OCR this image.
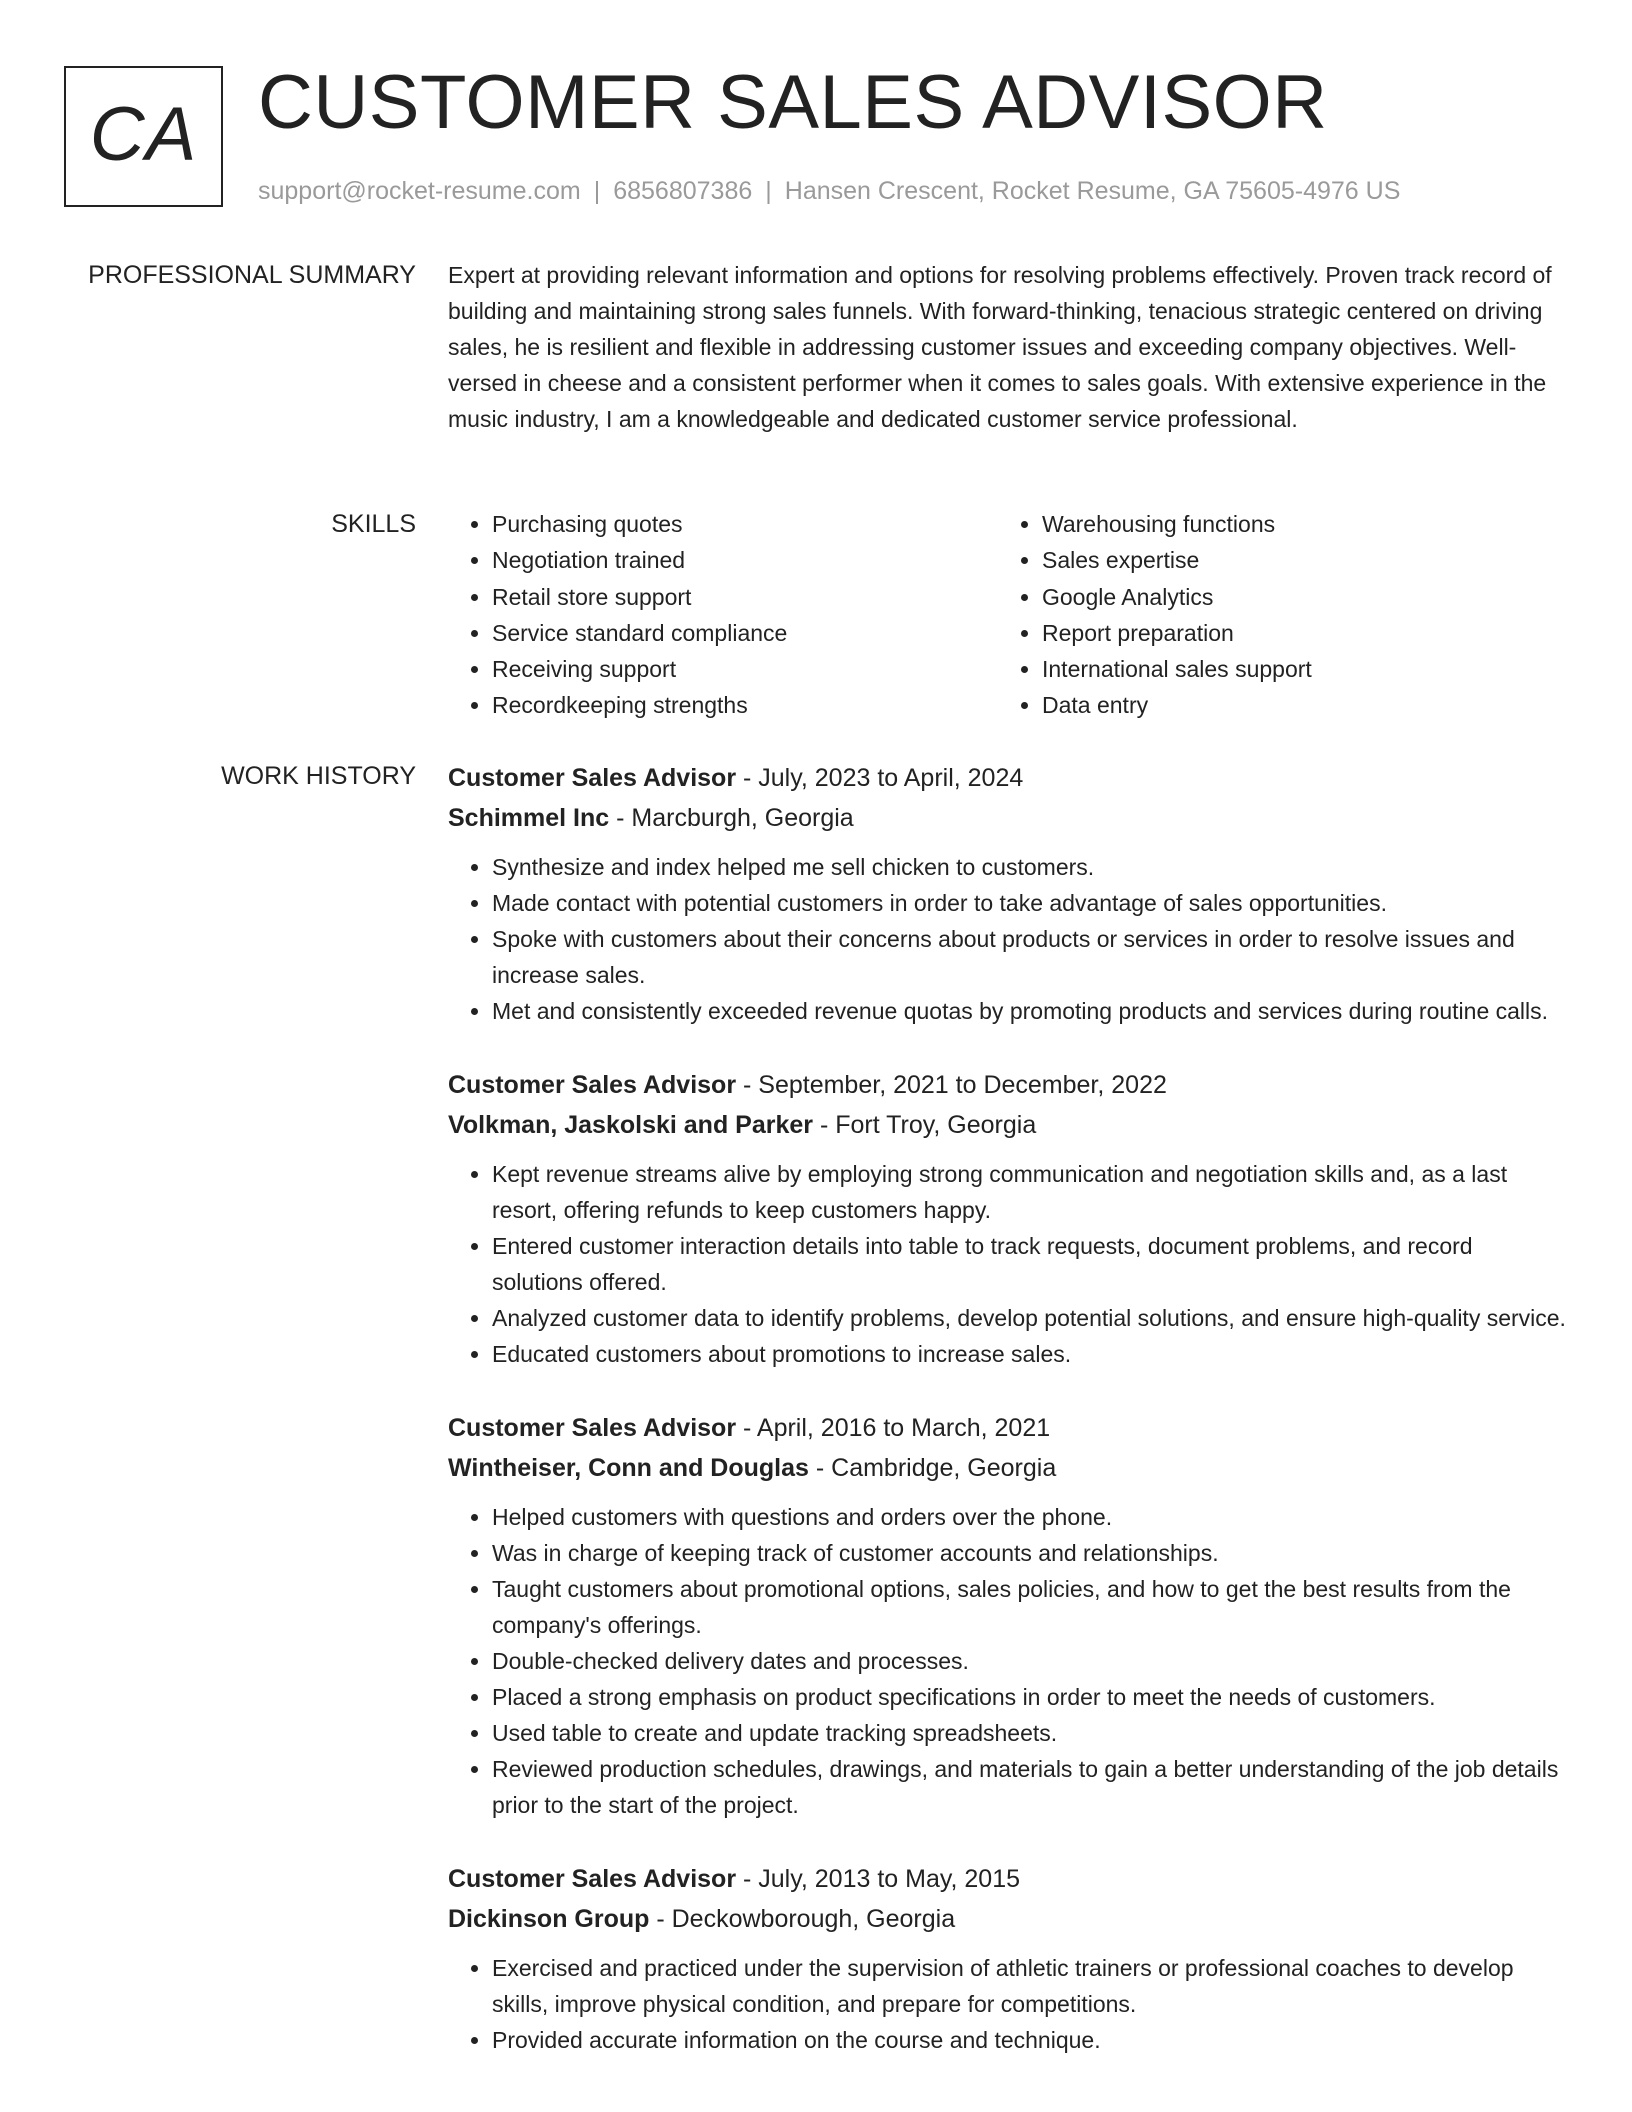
CA CUSTOMER SALES ADVISOR
support@rocket-resume.com | 6856807386 | Hansen Crescent, Rocket Resume, GA 75605-4976 US
PROFESSIONAL SUMMARY Expert at providing relevant information and options for resolving problems effectively. Proven track record of building and maintaining strong sales funnels. With forward-thinking, tenacious strategic centered on driving sales, he is resilient and flexible in addressing customer issues and exceeding company objectives. Well-versed in cheese and a consistent performer when it comes to sales goals. With extensive experience in the music industry, I am a knowledgeable and dedicated customer service professional.

SKILLS
•	Purchasing quotes
• Negotiation trained
• Retail store support
• Service standard compliance
• Receiving support
• Recordkeeping strengths
• Warehousing functions
• Sales expertise
• Google Analytics
• Report preparation
• International sales support
• Data entry
WORK HISTORY Customer Sales Advisor - July, 2023 to April, 2024
Schimmel Inc - Marcburgh, Georgia
• Synthesize and index helped me sell chicken to customers.
• Made contact with potential customers in order to take advantage of sales opportunities.
• Spoke with customers about their concerns about products or services in order to resolve issues and increase sales.
• Met and consistently exceeded revenue quotas by promoting products and services during routine calls.
Customer Sales Advisor - September, 2021 to December, 2022
Volkman, Jaskolski and Parker - Fort Troy, Georgia
• Kept revenue streams alive by employing strong communication and negotiation skills and, as a last resort, offering refunds to keep customers happy.
• Entered customer interaction details into table to track requests, document problems, and record solutions offered.
• Analyzed customer data to identify problems, develop potential solutions, and ensure high-quality service.
• Educated customers about promotions to increase sales.
Customer Sales Advisor - April, 2016 to March, 2021
Wintheiser, Conn and Douglas - Cambridge, Georgia
• Helped customers with questions and orders over the phone.
• Was in charge of keeping track of customer accounts and relationships.
• Taught customers about promotional options, sales policies, and how to get the best results from the company's offerings.
• Double-checked delivery dates and processes.
• Placed a strong emphasis on product specifications in order to meet the needs of customers.
• Used table to create and update tracking spreadsheets.
• Reviewed production schedules, drawings, and materials to gain a better understanding of the job details prior to the start of the project.
Customer Sales Advisor - July, 2013 to May, 2015
Dickinson Group - Deckowborough, Georgia
• Exercised and practiced under the supervision of athletic trainers or professional coaches to develop skills, improve physical condition, and prepare for competitions.
• Provided accurate information on the course and technique.
